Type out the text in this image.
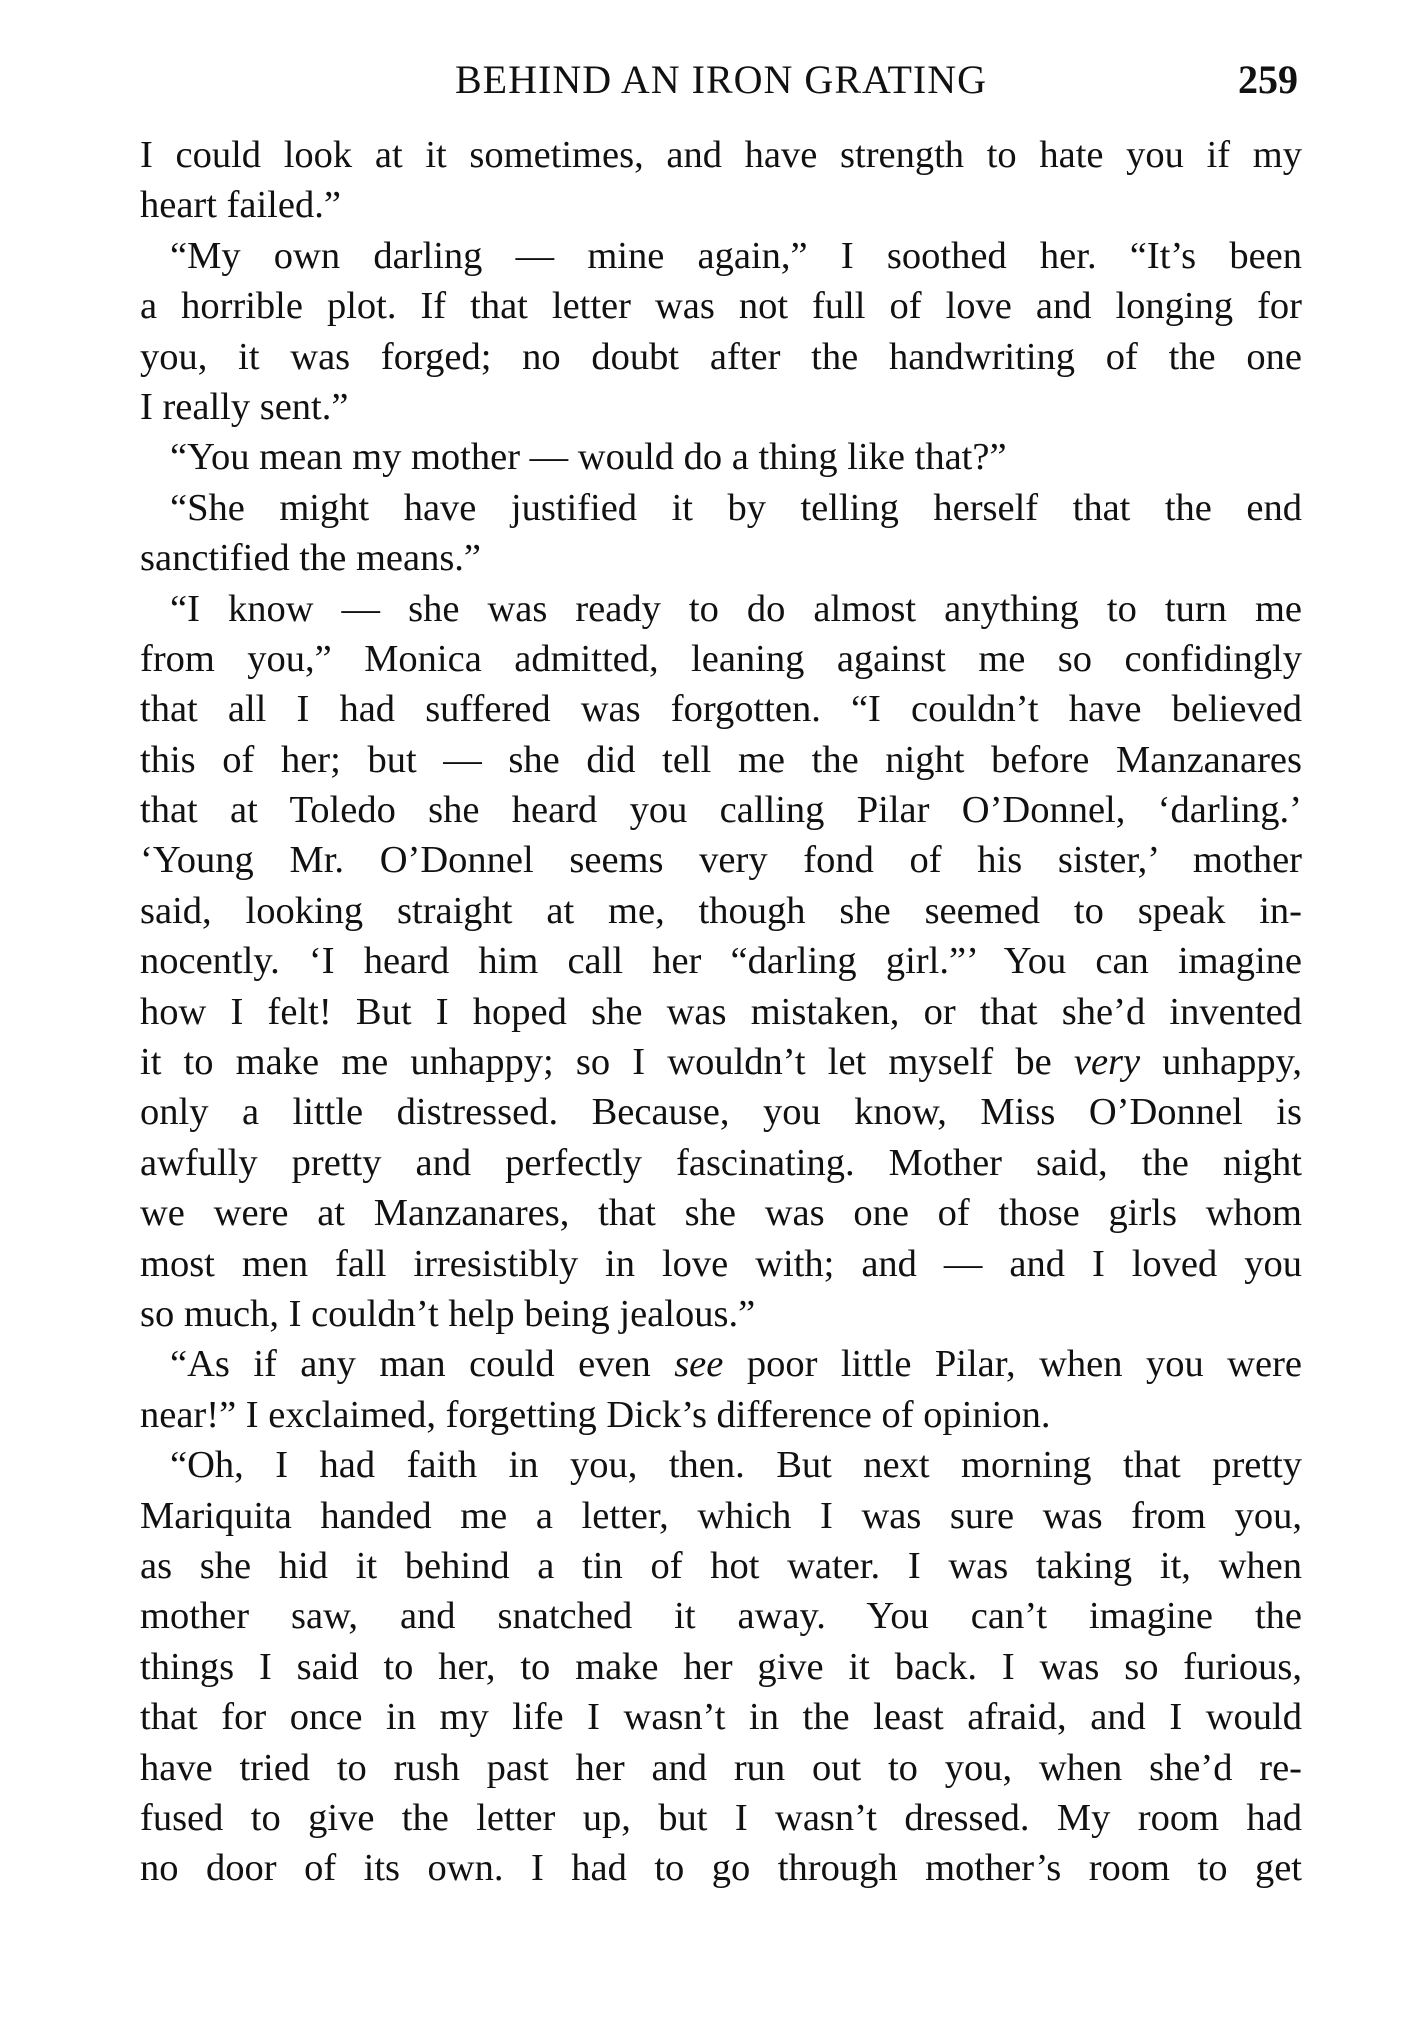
BEHIND AN IRON GRATING	259
I could look at it sometimes, and have strength to hate you if my
heart failed.”
“My own darling — mine again,” I soothed her. “It’s been
a horrible plot. If that letter was not full of love and longing for
you, it was forged; no doubt after the handwriting of the one
I really sent.”
“You mean my mother — would do a thing like that?”
“She might have justified it by telling herself that the end
sanctified the means.”
“I know — she was ready to do almost anything to turn me
from you,” Monica admitted, leaning against me so confidingly
that all I had suffered was forgotten. “I couldn’t have believed
this of her; but — she did tell me the night before Manzanares
that at Toledo she heard you calling Pilar O’Donnel, ‘darling.’
‘Young Mr. O’Donnel seems very fond of his sister,’ mother
said, looking straight at me, though she seemed to speak in-
nocently. ‘I heard him call her “darling girl.”’ You can imagine
how I felt! But I hoped she was mistaken, or that she’d invented
it to make me unhappy; so I wouldn’t let myself be very unhappy,
only a little distressed. Because, you know, Miss O’Donnel is
awfully pretty and perfectly fascinating. Mother said, the night
we were at Manzanares, that she was one of those girls whom
most men fall irresistibly in love with; and — and I loved you
so much, I couldn’t help being jealous.”
“As if any man could even see poor little Pilar, when you were
near!” I exclaimed, forgetting Dick’s difference of opinion.
“Oh, I had faith in you, then. But next morning that pretty
Mariquita handed me a letter, which I was sure was from you,
as she hid it behind a tin of hot water. I was taking it, when
mother saw, and snatched it away. You can’t imagine the
things I said to her, to make her give it back. I was so furious,
that for once in my life I wasn’t in the least afraid, and I would
have tried to rush past her and run out to you, when she’d re-
fused to give the letter up, but I wasn’t dressed. My room had
no door of its own. I had to go through mother’s room to get
